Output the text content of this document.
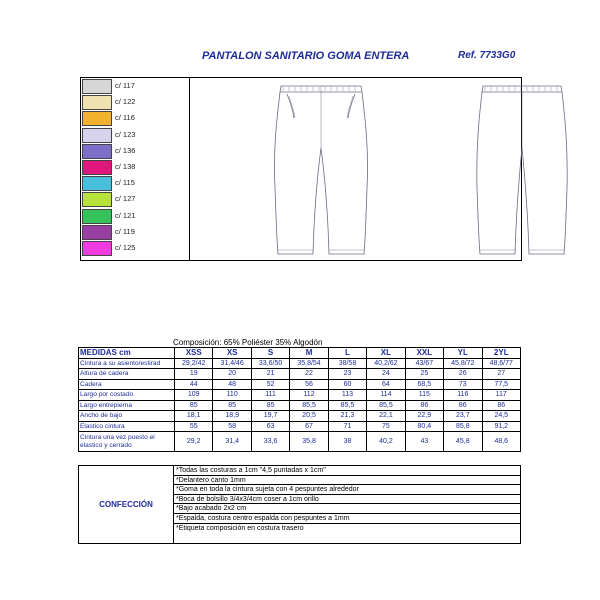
PANTALON SANITARIO GOMA ENTERA	Ref. 7733G0
c/ 117
c/ 122
c/ 116
c/ 123
c/ 136
c/ 138
c/ 115
c/ 127
c/ 121
c/ 119
c/ 125
Composición: 65% Poliéster 35% Algodón
MEDIDAS cm	XSS	XS	S	M	L	XL	XXL	YL	2YL
Cintura a su asiento/estirad	29,2/42	31,4/46	33,6/50	35,8/54	38/58	40,2/62	43/67	45,8/72	48,6/77
Altura de cadera	19	20	21	22	23	24	25	26	27
Cadera	44	48	52	56	60	64	68,5	73	77,5
Largo por costado	109	110	111	112	113	114	115	116	117
Largo entrepierna	85	85	85	85,5	85,5	85,5	86	86	86
Ancho de bajo	18,1	18,9	19,7	20,5	21,3	22,1	22,9	23,7	24,5
Elastico cintura	55	58	63	67	71	75	80,4	85,8	91,2
Cintura una vez puesto el elastico y cerrado	29,2	31,4	33,6	35,8	38	40,2	43	45,8	48,6
CONFECCIÓN
*Todas las costuras a 1cm "4,5 puntadas x 1cm"
*Delantero canto 1mm
*Goma en toda la cintura sujeta con 4 pespuntes alrededor
*Boca de bolsillo 3/4x3/4cm coser a 1cm orillo
*Bajo acabado 2x2 cm
*Espalda, costura centro espalda con pespuntes a 1mm
*Etiqueta composición en costura trasero
